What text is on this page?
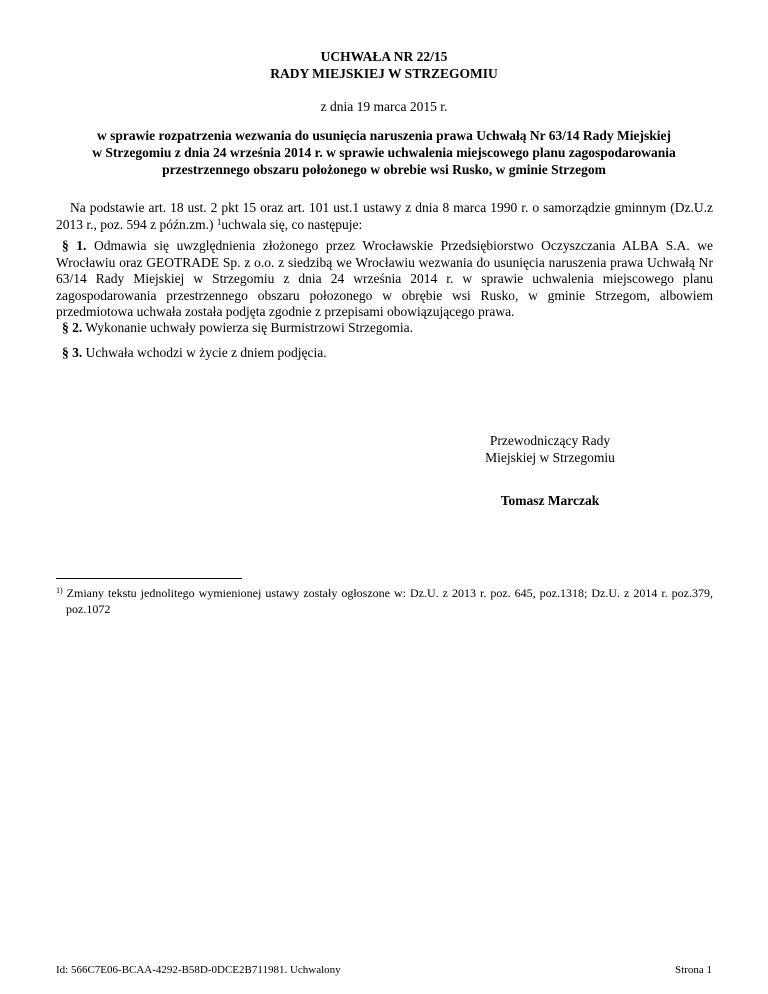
UCHWAŁA NR 22/15
RADY MIEJSKIEJ W STRZEGOMIU
z dnia 19 marca 2015 r.
w sprawie rozpatrzenia wezwania do usunięcia naruszenia prawa Uchwałą Nr 63/14 Rady Miejskiej
w Strzegomiu z dnia 24 września 2014 r. w sprawie uchwalenia miejscowego planu zagospodarowania
przestrzennego obszaru położonego w obrebie wsi Rusko, w gminie Strzegom
Na podstawie art. 18 ust. 2 pkt 15 oraz art. 101 ust.1 ustawy z dnia 8 marca 1990 r. o samorządzie gminnym (Dz.U.z 2013 r., poz. 594 z późn.zm.) $^1$uchwala się, co następuje:
§ 1. Odmawia się uwzględnienia złożonego przez Wrocławskie Przedsiębiorstwo Oczyszczania ALBA S.A. we Wrocławiu oraz GEOTRADE Sp. z o.o. z siedzibą we Wrocławiu wezwania do usunięcia naruszenia prawa Uchwałą Nr 63/14 Rady Miejskiej w Strzegomiu z dnia 24 września 2014 r. w sprawie uchwalenia miejscowego planu zagospodarowania przestrzennego obszaru połozonego w obrębie wsi Rusko, w gminie Strzegom, albowiem przedmiotowa uchwała została podjęta zgodnie z przepisami obowiązującego prawa.
§ 2. Wykonanie uchwały powierza się Burmistrzowi Strzegomia.
§ 3. Uchwała wchodzi w życie z dniem podjęcia.
Przewodniczący Rady
Miejskiej w Strzegomiu
Tomasz Marczak
$^{1)}$ Zmiany tekstu jednolitego wymienionej ustawy zostały ogłoszone w: Dz.U. z 2013 r. poz. 645, poz.1318; Dz.U. z 2014 r. poz.379, poz.1072
Id: 566C7E06-BCAA-4292-B58D-0DCE2B711981. Uchwalony	Strona 1
